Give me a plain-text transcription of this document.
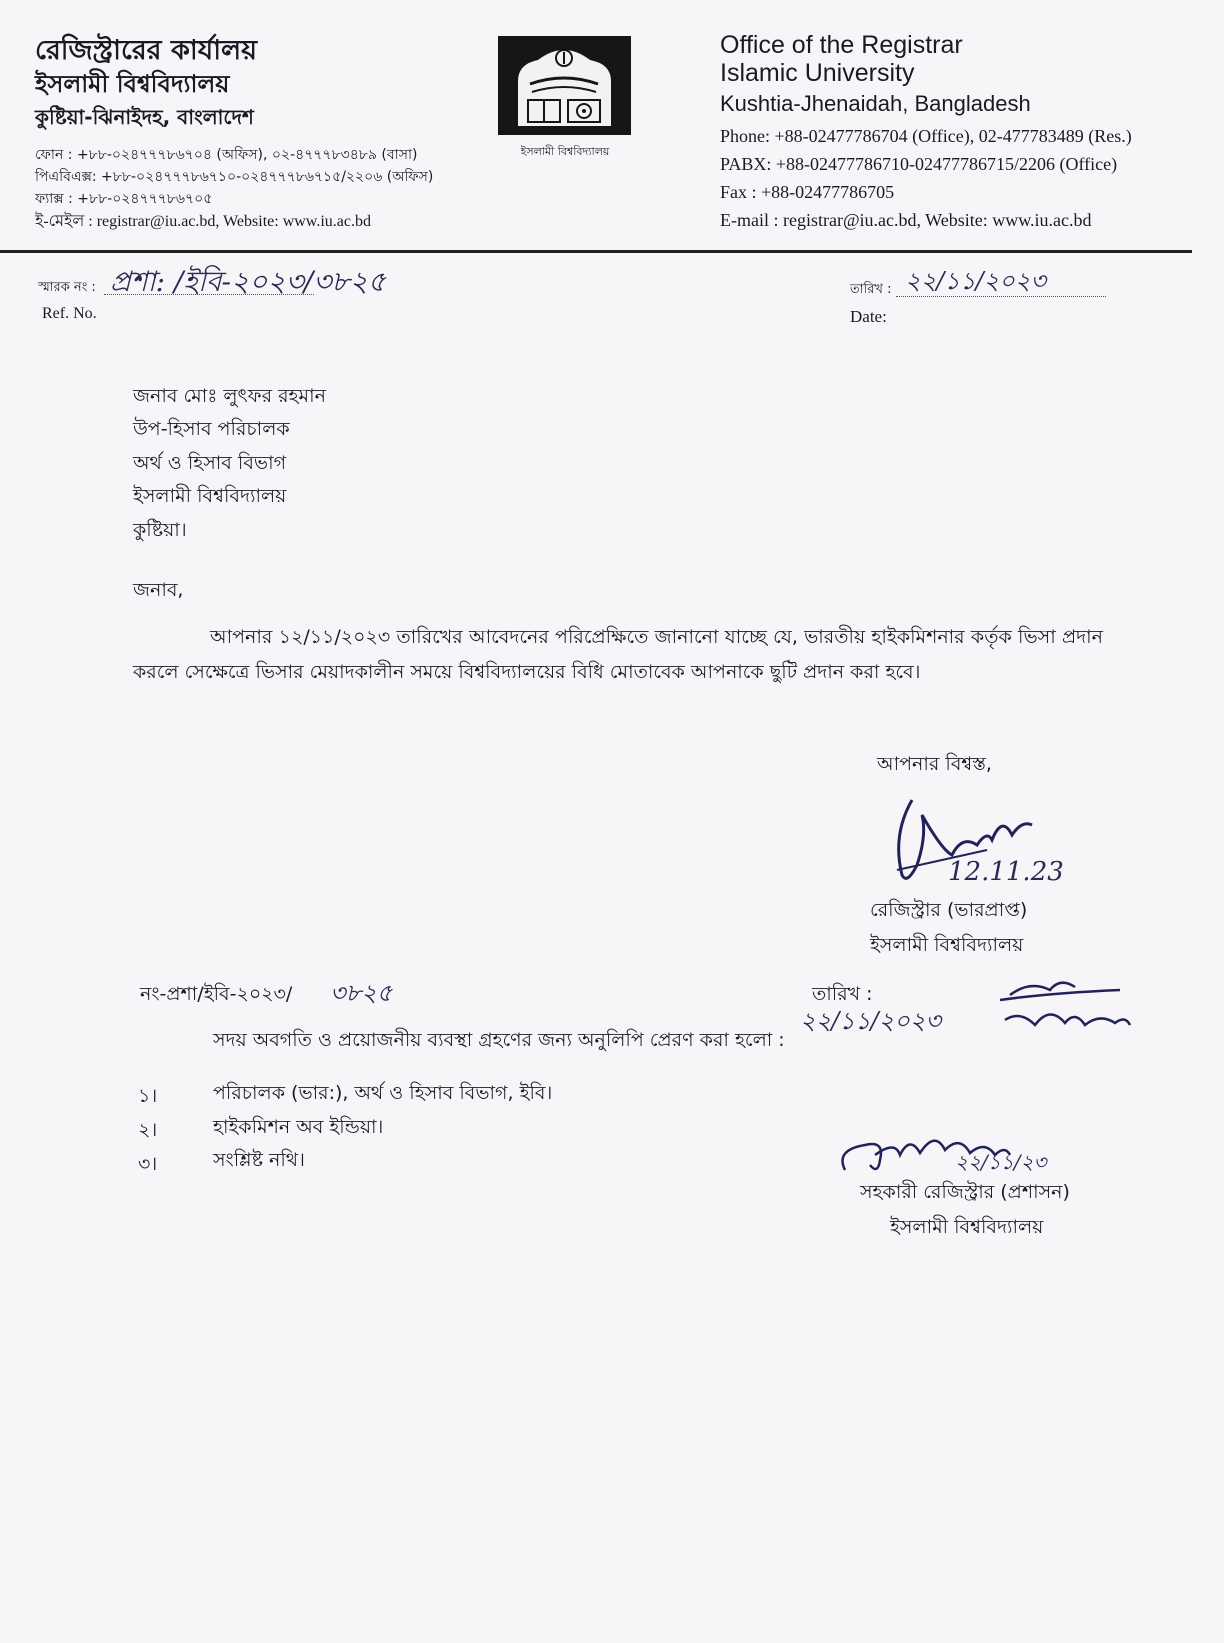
রেজিস্ট্রারের কার্যালয়
ইসলামী বিশ্ববিদ্যালয়
কুষ্টিয়া-ঝিনাইদহ, বাংলাদেশ
ফোন : +৮৮-০২৪৭৭৭৮৬৭০৪ (অফিস), ০২-৪৭৭৭৮৩৪৮৯ (বাসা)
পিএবিএক্স: +৮৮-০২৪৭৭৭৮৬৭১০-০২৪৭৭৭৮৬৭১৫/২২০৬ (অফিস)
ফ্যাক্স : +৮৮-০২৪৭৭৭৮৬৭০৫
ই-মেইল : registrar@iu.ac.bd, Website: www.iu.ac.bd
ইসলামী বিশ্ববিদ্যালয়
Office of the Registrar
Islamic University
Kushtia-Jhenaidah, Bangladesh
Phone: +88-02477786704 (Office), 02-477783489 (Res.)
PABX: +88-02477786710-02477786715/2206 (Office)
Fax : +88-02477786705
E-mail : registrar@iu.ac.bd, Website: www.iu.ac.bd
স্মারক নং : প্রশা: /ইবি-২০২৩/৩৮২৫
Ref. No.
তারিখ : ২২/১১/২০২৩
Date:
জনাব মোঃ লুৎফর রহমান
উপ-হিসাব পরিচালক
অর্থ ও হিসাব বিভাগ
ইসলামী বিশ্ববিদ্যালয়
কুষ্টিয়া।
জনাব,
আপনার ১২/১১/২০২৩ তারিখের আবেদনের পরিপ্রেক্ষিতে জানানো যাচ্ছে যে, ভারতীয় হাইকমিশনার কর্তৃক ভিসা প্রদান করলে সেক্ষেত্রে ভিসার মেয়াদকালীন সময়ে বিশ্ববিদ্যালয়ের বিধি মোতাবেক আপনাকে ছুটি প্রদান করা হবে।
আপনার বিশ্বস্ত,
12.11.23
রেজিস্ট্রার (ভারপ্রাপ্ত)
ইসলামী বিশ্ববিদ্যালয়
নং-প্রশা/ইবি-২০২৩/ ৩৮২৫	তারিখ :
২২/১১/২০২৩
সদয় অবগতি ও প্রয়োজনীয় ব্যবস্থা গ্রহণের জন্য অনুলিপি প্রেরণ করা হলো :
১।	পরিচালক (ভার:), অর্থ ও হিসাব বিভাগ, ইবি।
২।	হাইকমিশন অব ইন্ডিয়া।
৩।	সংশ্লিষ্ট নথি।	২২/১১/২৩
সহকারী রেজিস্ট্রার (প্রশাসন)
ইসলামী বিশ্ববিদ্যালয়
